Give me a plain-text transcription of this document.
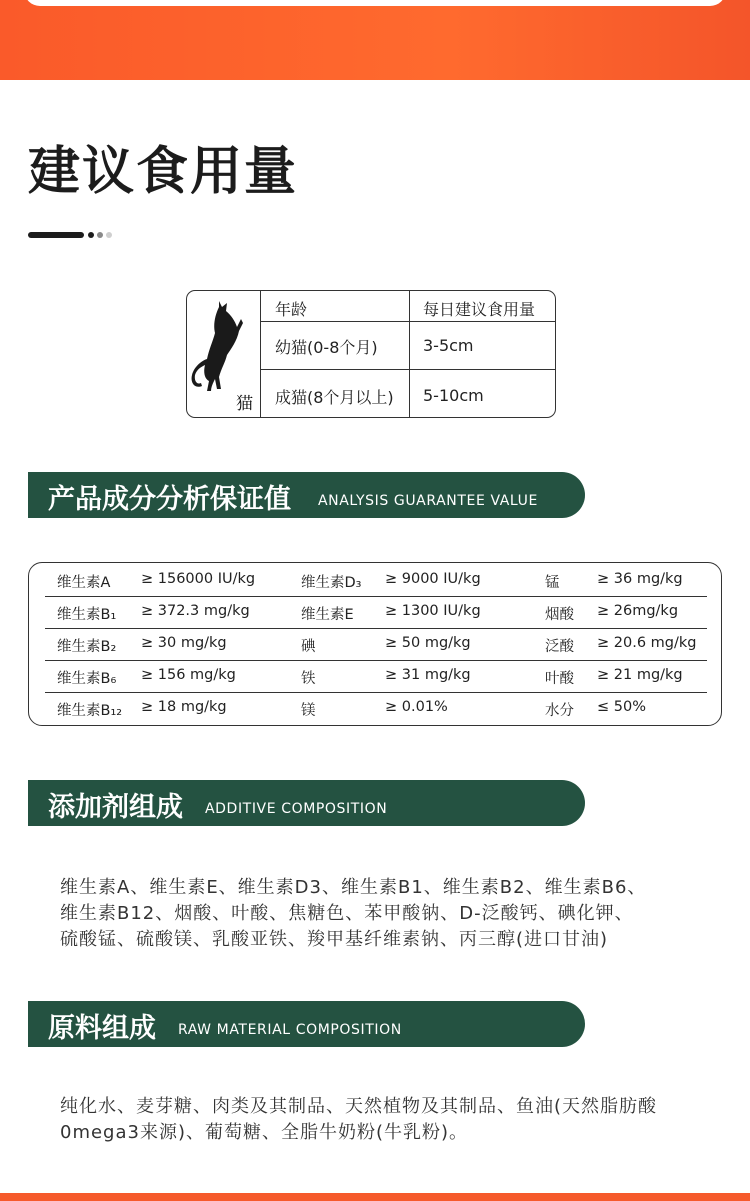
建议食用量
猫
年龄	每日建议食用量
幼猫(0-8个月)	3-5cm
成猫(8个月以上) 5-10cm
产品成分分析保证值 ANALYSIS GUARANTEE VALUE
维生素A ≥ 156000 IU/kg	维生素D₃ ≥ 9000 IU/kg	锰	≥ 36 mg/kg
维生素B₁ ≥ 372.3 mg/kg	维生素E ≥ 1300 IU/kg	烟酸 ≥ 26mg/kg
维生素B₂ ≥ 30 mg/kg	碘	≥ 50 mg/kg	泛酸 ≥ 20.6 mg/kg
维生素B₆ ≥ 156 mg/kg	铁	≥ 31 mg/kg	叶酸 ≥ 21 mg/kg
维生素B₁₂ ≥ 18 mg/kg	镁	≥ 0.01%	水分 ≤ 50%
添加剂组成 ADDITIVE COMPOSITION
维生素A、维生素E、维生素D3、维生素B1、维生素B2、维生素B6、
维生素B12、烟酸、叶酸、焦糖色、苯甲酸钠、D-泛酸钙、碘化钾、
硫酸锰、硫酸镁、乳酸亚铁、羧甲基纤维素钠、丙三醇(进口甘油)
原料组成 RAW MATERIAL COMPOSITION
纯化水、麦芽糖、肉类及其制品、天然植物及其制品、鱼油(天然脂肪酸
0mega3来源)、葡萄糖、全脂牛奶粉(牛乳粉)。
